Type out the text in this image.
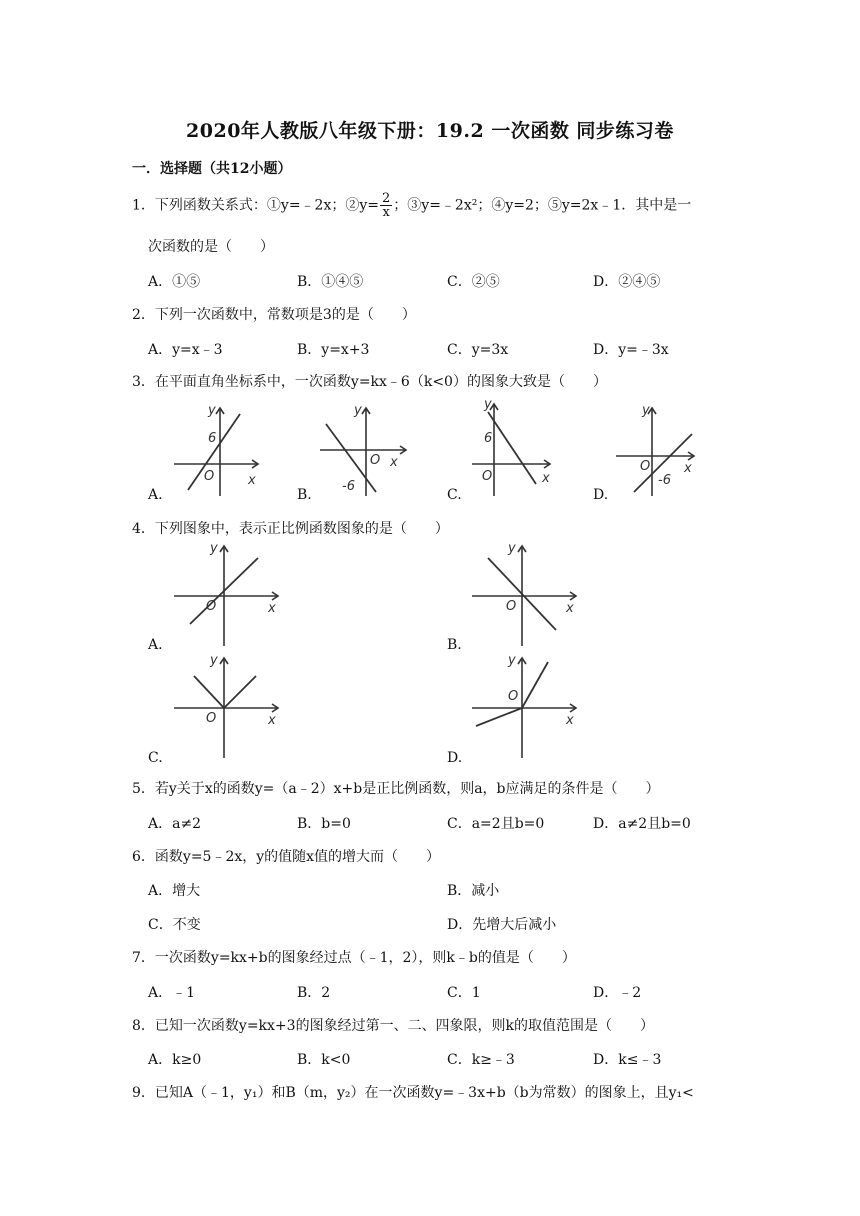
2020年人教版八年级下册：19.2 一次函数 同步练习卷
一．选择题（共12小题）
1．下列函数关系式：①y=﹣2x；②y= $\frac{2}{x}$ ；③y=﹣2x²；④y=2；⑤y=2x﹣1．其中是一
次函数的是（　　）
A．①⑤	B．①④⑤	C．②⑤	D．②④⑤
2．下列一次函数中，常数项是3的是（　　）
A．y=x﹣3	B．y=x+3	C．y=3x	D．y=﹣3x
3．在平面直角坐标系中，一次函数y=kx﹣6（k<0）的图象大致是（　　）
y
x
O
6
A.
y
x
O
-6
B.
y
x
O
6
C.
y
x
O
-6
D.
4．下列图象中，表示正比例函数图象的是（　　）
y
x
O
A.
y
x
O
B.
y
x
O
C.
y
x
O
D.
5．若y关于x的函数y=（a﹣2）x+b是正比例函数，则a，b应满足的条件是（　　）
A．a≠2	B．b=0	C．a=2且b=0	D．a≠2且b=0
6．函数y=5﹣2x，y的值随x值的增大而（　　）
A．增大	B．减小
C．不变	D．先增大后减小
7．一次函数y=kx+b的图象经过点（﹣1，2），则k﹣b的值是（　　）
A．﹣1	B．2	C．1	D．﹣2
8．已知一次函数y=kx+3的图象经过第一、二、四象限，则k的取值范围是（　　）
A．k≥0	B．k<0	C．k≥﹣3	D．k≤﹣3
9．已知A（﹣1，y₁）和B（m，y₂）在一次函数y=﹣3x+b（b为常数）的图象上，且y₁<
